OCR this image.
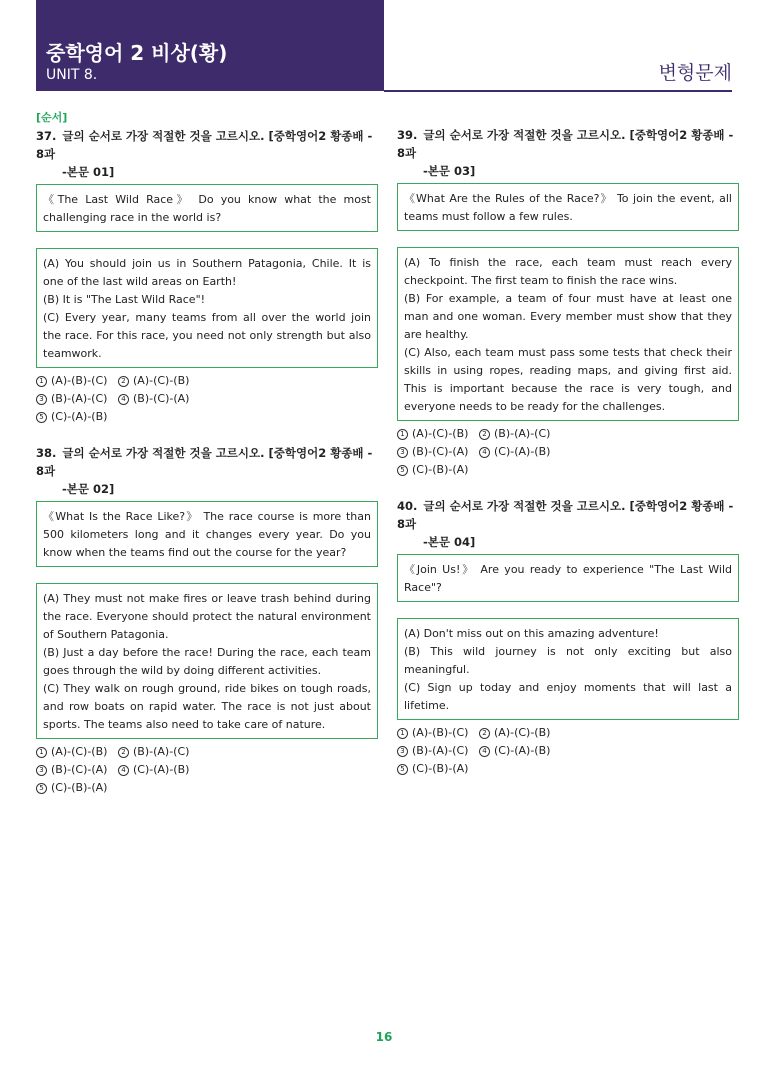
중학영어 2 비상(황)
UNIT 8.	변형문제
[순서]
37. 글의 순서로 가장 적절한 것을 고르시오. [중학영어2 황종배 - 8과
-본문 01]

《The Last Wild Race》 Do you know what the most challenging race in the world is?

(A) You should join us in Southern Patagonia, Chile. It is one of the last wild areas on Earth!

(B) It is "The Last Wild Race"!

(C) Every year, many teams from all over the world join the race. For this race, you need not only strength but also teamwork.

1 (A)-(B)-(C)	2 (A)-(C)-(B)
3 (B)-(A)-(C)	4 (B)-(C)-(A)
5 (C)-(A)-(B)
38. 글의 순서로 가장 적절한 것을 고르시오. [중학영어2 황종배 - 8과
-본문 02]

《What Is the Race Like?》 The race course is more than 500 kilometers long and it changes every year. Do you know when the teams find out the course for the year?

(A) They must not make fires or leave trash behind during the race. Everyone should protect the natural environment of Southern Patagonia.

(B) Just a day before the race! During the race, each team goes through the wild by doing different activities.

(C) They walk on rough ground, ride bikes on tough roads, and row boats on rapid water. The race is not just about sports. The teams also need to take care of nature.

1 (A)-(C)-(B)	2 (B)-(A)-(C)
3 (B)-(C)-(A)	4 (C)-(A)-(B)
5 (C)-(B)-(A)
39. 글의 순서로 가장 적절한 것을 고르시오. [중학영어2 황종배 - 8과
-본문 03]

《What Are the Rules of the Race?》 To join the event, all teams must follow a few rules.

(A) To finish the race, each team must reach every checkpoint. The first team to finish the race wins.

(B) For example, a team of four must have at least one man and one woman. Every member must show that they are healthy.

(C) Also, each team must pass some tests that check their skills in using ropes, reading maps, and giving first aid. This is important because the race is very tough, and everyone needs to be ready for the challenges.

1 (A)-(C)-(B)	2 (B)-(A)-(C)
3 (B)-(C)-(A)	4 (C)-(A)-(B)
5 (C)-(B)-(A)
40. 글의 순서로 가장 적절한 것을 고르시오. [중학영어2 황종배 - 8과
-본문 04]

《Join Us!》 Are you ready to experience "The Last Wild Race"?

(A) Don't miss out on this amazing adventure!

(B) This wild journey is not only exciting but also meaningful.

(C) Sign up today and enjoy moments that will last a lifetime.

1 (A)-(B)-(C)	2 (A)-(C)-(B)
3 (B)-(A)-(C)	4 (C)-(A)-(B)
5 (C)-(B)-(A)
16
